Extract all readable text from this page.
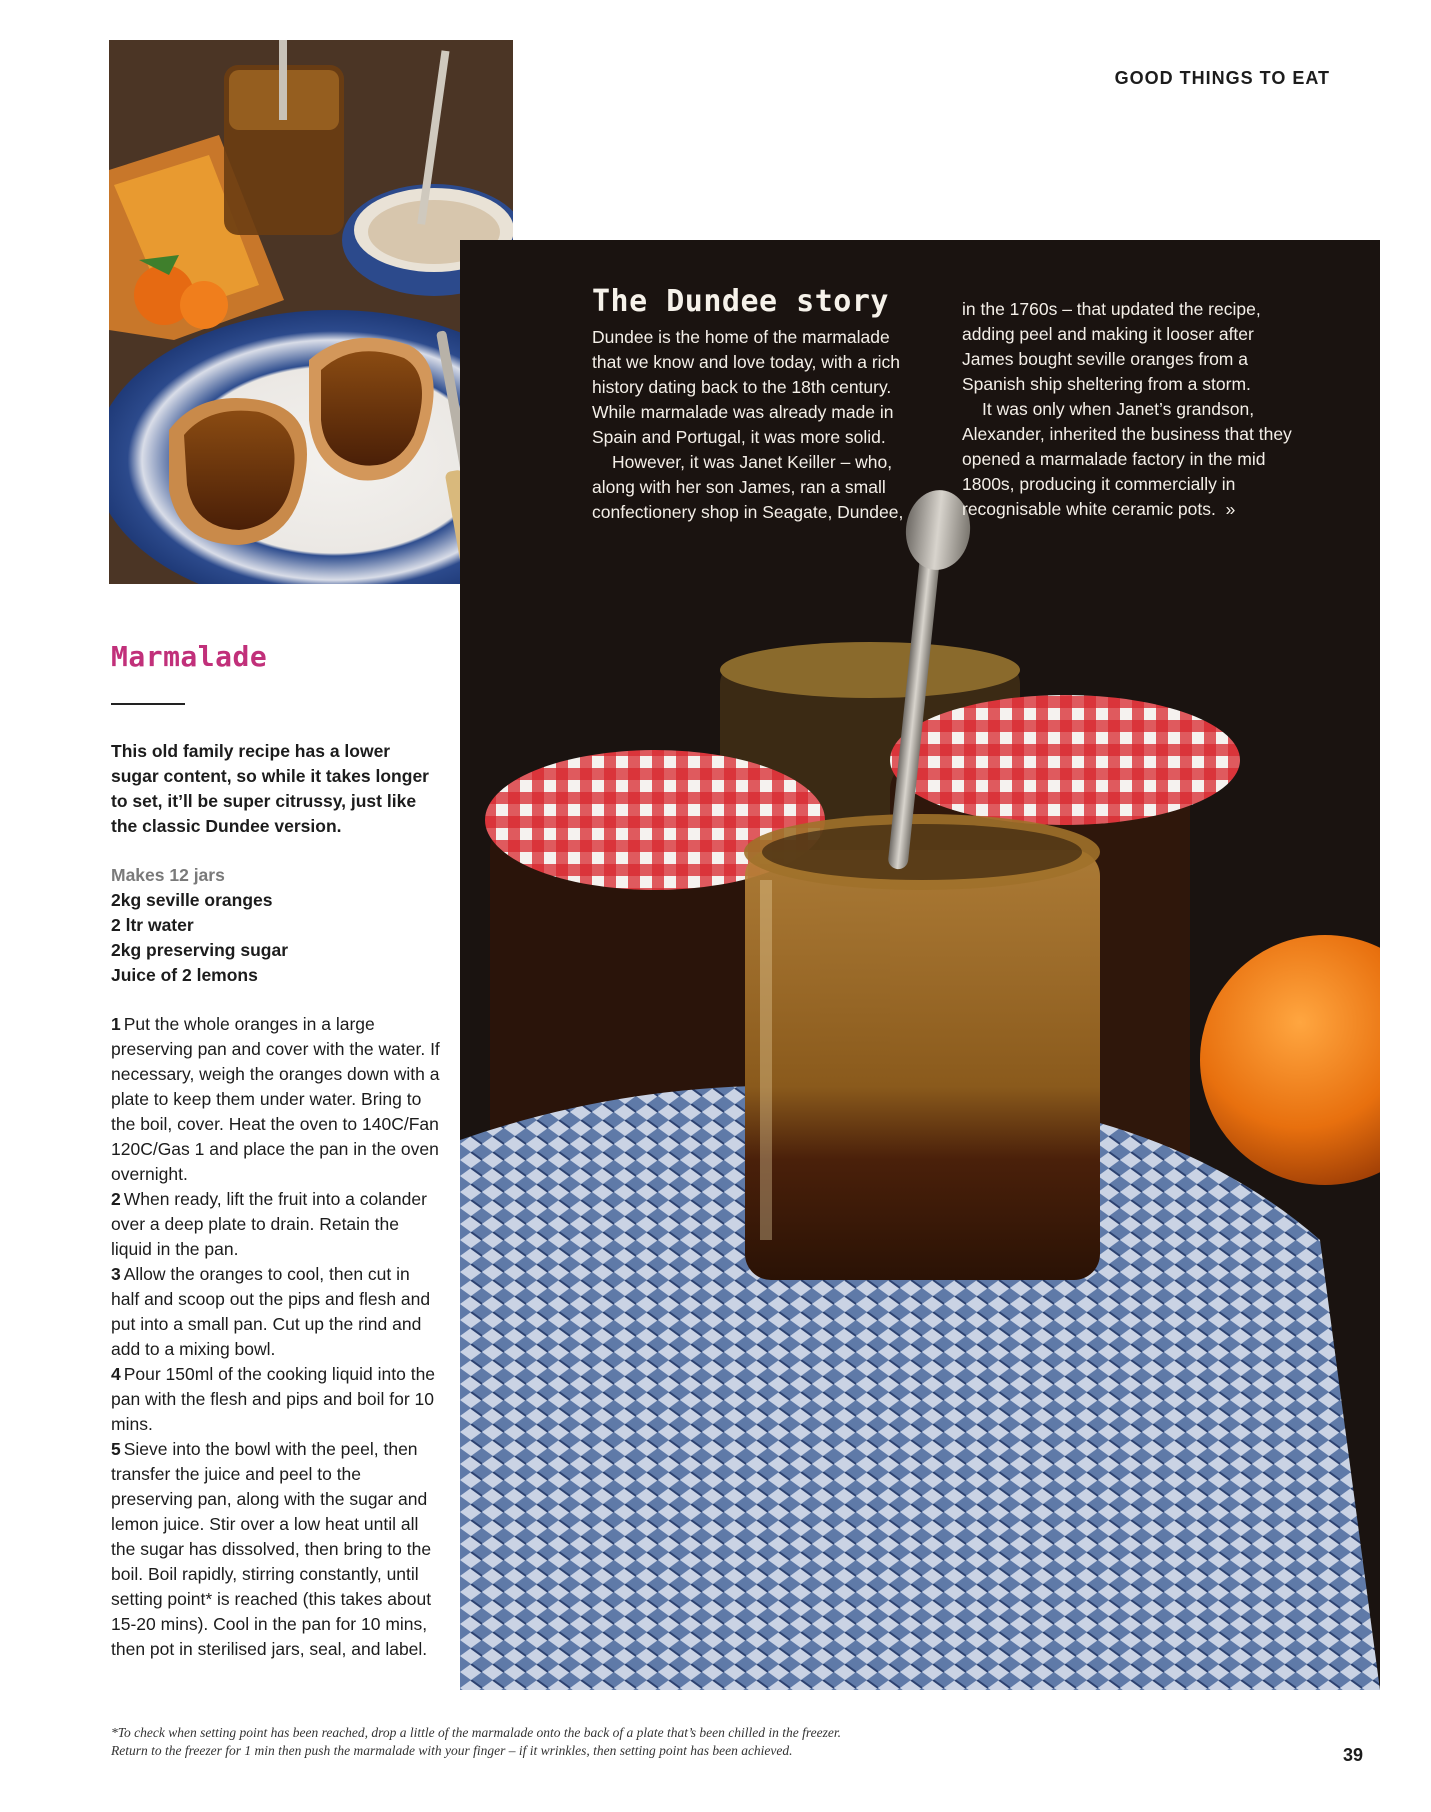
GOOD THINGS TO EAT
The Dundee story

Dundee is the home of the marmalade that we know and love today, with a rich history dating back to the 18th century. While marmalade was already made in Spain and Portugal, it was more solid.

However, it was Janet Keiller – who, along with her son James, ran a small confectionery shop in Seagate, Dundee,

in the 1760s – that updated the recipe, adding peel and making it looser after James bought seville oranges from a Spanish ship sheltering from a storm.

It was only when Janet’s grandson, Alexander, inherited the business that they opened a marmalade factory in the mid 1800s, producing it commercially in recognisable white ceramic pots. »

Marmalade

This old family recipe has a lower sugar content, so while it takes longer to set, it’ll be super citrussy, just like the classic Dundee version.

Makes 12 jars

2kg seville oranges
2 ltr water
2kg preserving sugar
Juice of 2 lemons
1 Put the whole oranges in a large preserving pan and cover with the water. If necessary, weigh the oranges down with a plate to keep them under water. Bring to the boil, cover. Heat the oven to 140C/Fan 120C/Gas 1 and place the pan in the oven overnight.
2 When ready, lift the fruit into a colander over a deep plate to drain. Retain the liquid in the pan.
3 Allow the oranges to cool, then cut in half and scoop out the pips and flesh and put into a small pan. Cut up the rind and add to a mixing bowl.
4 Pour 150ml of the cooking liquid into the pan with the flesh and pips and boil for 10 mins.
5 Sieve into the bowl with the peel, then transfer the juice and peel to the preserving pan, along with the sugar and lemon juice. Stir over a low heat until all the sugar has dissolved, then bring to the boil. Boil rapidly, stirring constantly, until setting point* is reached (this takes about 15-20 mins). Cool in the pan for 10 mins, then pot in sterilised jars, seal, and label.

*To check when setting point has been reached, drop a little of the marmalade onto the back of a plate that’s been chilled in the freezer.
Return to the freezer for 1 min then push the marmalade with your finger – if it wrinkles, then setting point has been achieved.	39
